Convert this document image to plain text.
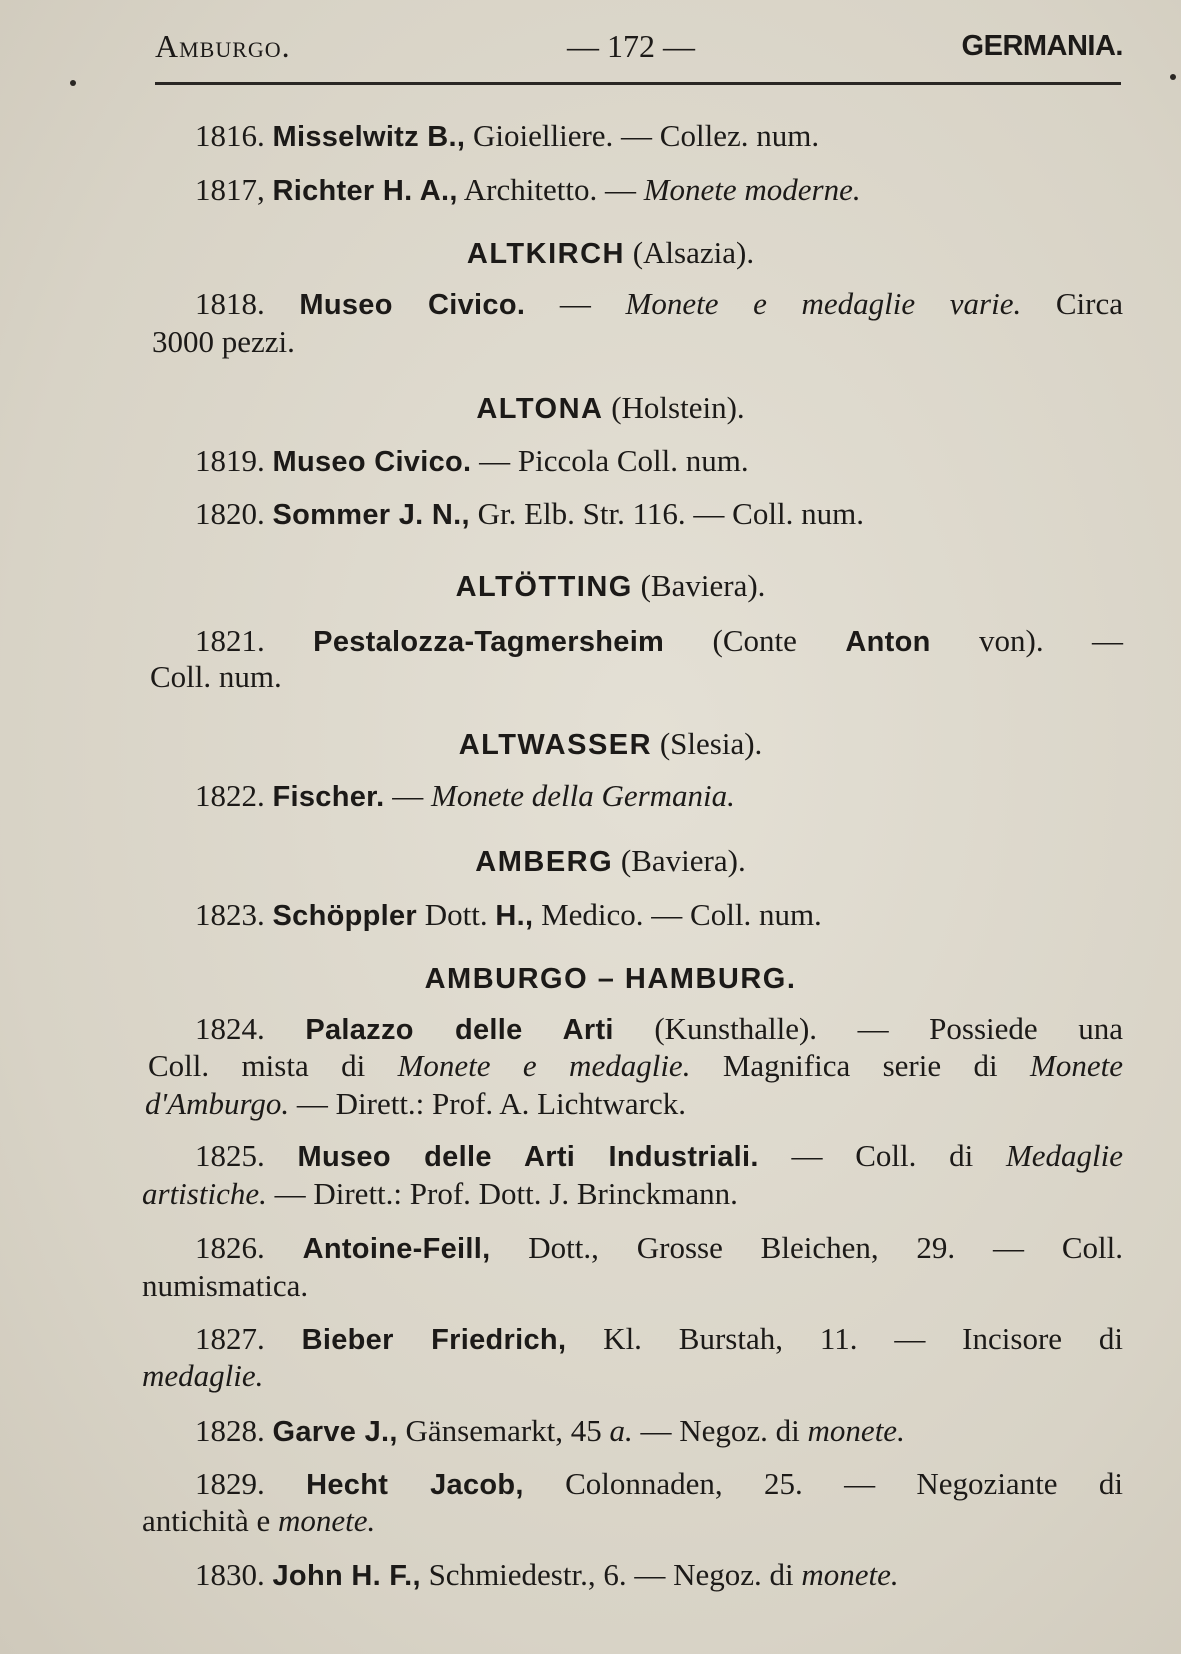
Amburgo.	— 172 —	GERMANIA.
1816. Misselwitz B., Gioielliere. — Collez. num.
1817, Richter H. A., Architetto. — Monete moderne.
ALTKIRCH (Alsazia).
1818. Museo Civico. — Monete e medaglie varie. Circa
3000 pezzi.
ALTONA (Holstein).
1819. Museo Civico. — Piccola Coll. num.
1820. Sommer J. N., Gr. Elb. Str. 116. — Coll. num.
ALTÖTTING (Baviera).
1821. Pestalozza-Tagmersheim (Conte Anton von). —
Coll. num.
ALTWASSER (Slesia).
1822. Fischer. — Monete della Germania.
AMBERG (Baviera).
1823. Schöppler Dott. H., Medico. — Coll. num.
AMBURGO – HAMBURG.
1824. Palazzo delle Arti (Kunsthalle). — Possiede una
Coll. mista di Monete e medaglie. Magnifica serie di Monete
d'Amburgo. — Dirett.: Prof. A. Lichtwarck.
1825. Museo delle Arti Industriali. — Coll. di Medaglie
artistiche. — Dirett.: Prof. Dott. J. Brinckmann.
1826. Antoine-Feill, Dott., Grosse Bleichen, 29. — Coll.
numismatica.
1827. Bieber Friedrich, Kl. Burstah, 11. — Incisore di
medaglie.
1828. Garve J., Gänsemarkt, 45 a. — Negoz. di monete.
1829. Hecht Jacob, Colonnaden, 25. — Negoziante di
antichità e monete.
1830. John H. F., Schmiedestr., 6. — Negoz. di monete.
